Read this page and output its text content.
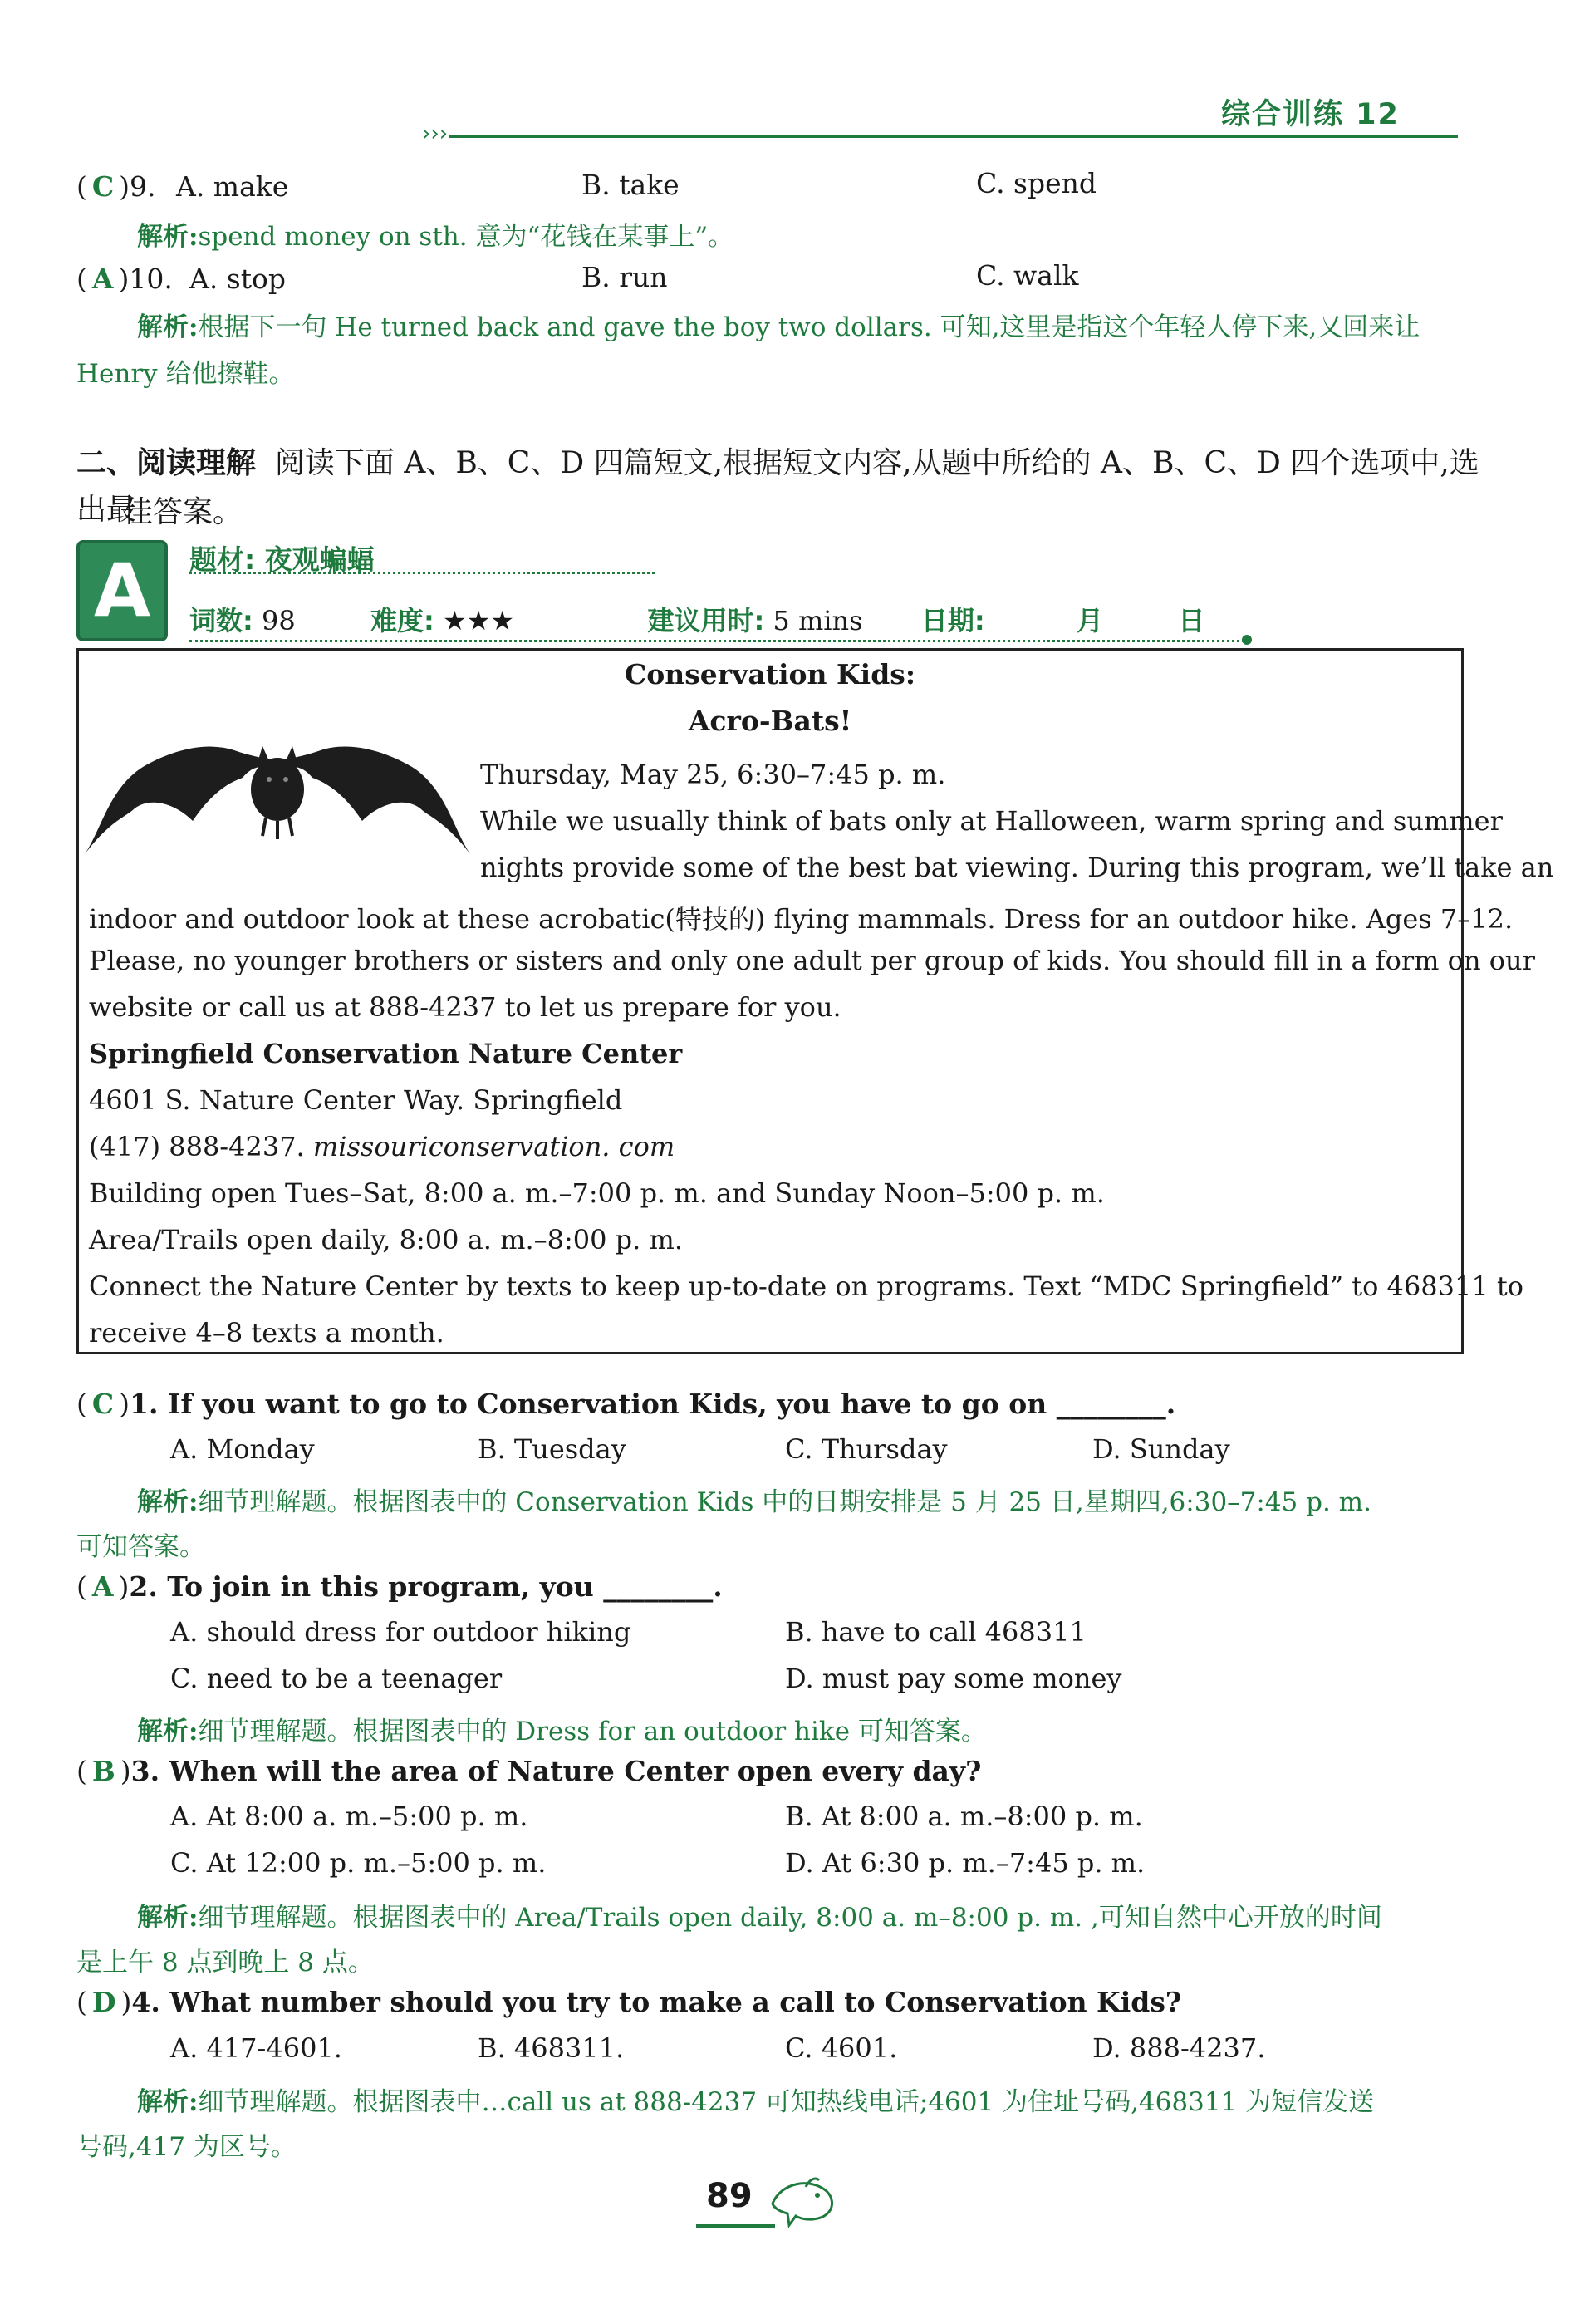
综合训练 12
›››
( C )9. A. make	B. take	C. spend
解析:spend money on sth. 意为“花钱在某事上”。
( A )10. A. stop	B. run	C. walk
解析:根据下一句 He turned back and gave the boy two dollars. 可知,这里是指这个年轻人停下来,又回来让
Henry 给他擦鞋。
二、阅读理解 阅读下面 A、B、C、D 四篇短文,根据短文内容,从题中所给的 A、B、C、D 四个选项中,选出最
佳答案。
A	题材: 夜观蝙蝠
词数: 98	难度: ★★★	建议用时: 5 mins 日期:	月	日
Conservation Kids:
Acro-Bats!
Thursday, May 25, 6:30–7:45 p. m.
While we usually think of bats only at Halloween, warm spring and summer
nights provide some of the best bat viewing. During this program, we’ll take an
indoor and outdoor look at these acrobatic(特技的) flying mammals. Dress for an outdoor hike. Ages 7–12.
Please, no younger brothers or sisters and only one adult per group of kids. You should fill in a form on our
website or call us at 888-4237 to let us prepare for you.
Springfield Conservation Nature Center
4601 S. Nature Center Way. Springfield
(417) 888-4237. missouriconservation. com
Building open Tues–Sat, 8:00 a. m.–7:00 p. m. and Sunday Noon–5:00 p. m.
Area/Trails open daily, 8:00 a. m.–8:00 p. m.
Connect the Nature Center by texts to keep up-to-date on programs. Text “MDC Springfield” to 468311 to
receive 4–8 texts a month.
( C )1. If you want to go to Conservation Kids, you have to go on ________.
A. Monday	B. Tuesday	C. Thursday	D. Sunday
解析:细节理解题。根据图表中的 Conservation Kids 中的日期安排是 5 月 25 日,星期四,6:30–7:45 p. m.
可知答案。
( A )2. To join in this program, you ________.
A. should dress for outdoor hiking	B. have to call 468311
C. need to be a teenager	D. must pay some money
解析:细节理解题。根据图表中的 Dress for an outdoor hike 可知答案。
( B )3. When will the area of Nature Center open every day?
A. At 8:00 a. m.–5:00 p. m.	B. At 8:00 a. m.–8:00 p. m.
C. At 12:00 p. m.–5:00 p. m.	D. At 6:30 p. m.–7:45 p. m.
解析:细节理解题。根据图表中的 Area/Trails open daily, 8:00 a. m–8:00 p. m. ,可知自然中心开放的时间
是上午 8 点到晚上 8 点。
( D )4. What number should you try to make a call to Conservation Kids?
A. 417-4601.	B. 468311.	C. 4601.	D. 888-4237.
解析:细节理解题。根据图表中…call us at 888-4237 可知热线电话;4601 为住址号码,468311 为短信发送
号码,417 为区号。
89
